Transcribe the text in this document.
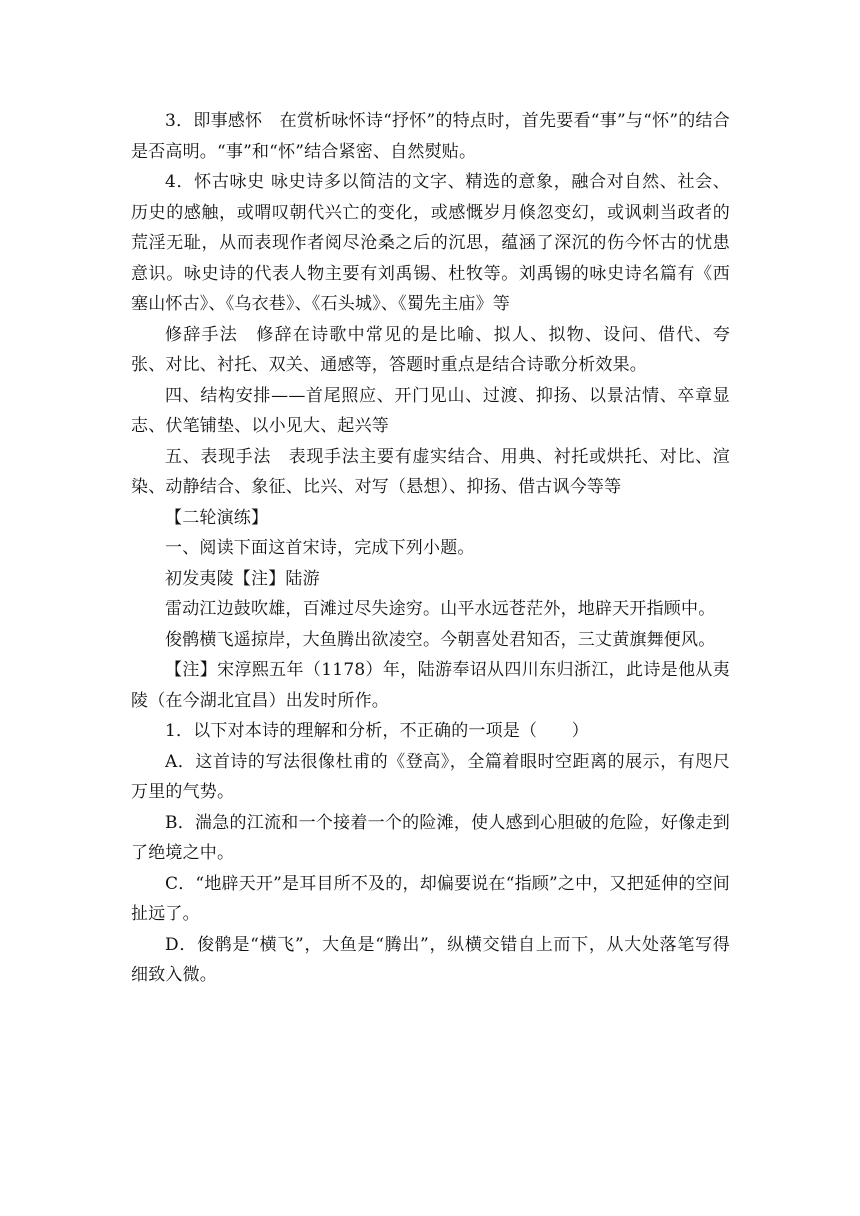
3．即事感怀　在赏析咏怀诗“抒怀”的特点时，首先要看“事”与“怀”的结合是否高明。“事”和“怀”结合紧密、自然熨贴。

4．怀古咏史 咏史诗多以简洁的文字、精选的意象，融合对自然、社会、历史的感触，或喟叹朝代兴亡的变化，或感慨岁月倏忽变幻，或讽刺当政者的荒淫无耻，从而表现作者阅尽沧桑之后的沉思，蕴涵了深沉的伤今怀古的忧患意识。咏史诗的代表人物主要有刘禹锡、杜牧等。刘禹锡的咏史诗名篇有《西塞山怀古》、《乌衣巷》、《石头城》、《蜀先主庙》等

修辞手法　修辞在诗歌中常见的是比喻、拟人、拟物、设问、借代、夸张、对比、衬托、双关、通感等，答题时重点是结合诗歌分析效果。

四、结构安排——首尾照应、开门见山、过渡、抑扬、以景沽情、卒章显志、伏笔铺垫、以小见大、起兴等

五、表现手法　表现手法主要有虚实结合、用典、衬托或烘托、对比、渲染、动静结合、象征、比兴、对写（悬想）、抑扬、借古讽今等等

【二轮演练】

一、阅读下面这首宋诗，完成下列小题。

初发夷陵【注】陆游

雷动江边鼓吹雄，百滩过尽失途穷。山平水远苍茫外，地辟天开指顾中。

俊鹘横飞遥掠岸，大鱼腾出欲凌空。今朝喜处君知否，三丈黄旗舞便风。

【注】宋淳熙五年（1178）年，陆游奉诏从四川东归浙江，此诗是他从夷陵（在今湖北宜昌）出发时所作。

1．以下对本诗的理解和分析，不正确的一项是（　　）

A．这首诗的写法很像杜甫的《登高》，全篇着眼时空距离的展示，有咫尺万里的气势。

B．湍急的江流和一个接着一个的险滩，使人感到心胆破的危险，好像走到了绝境之中。

C．“地辟天开”是耳目所不及的，却偏要说在“指顾”之中，又把延伸的空间扯远了。

D．俊鹘是“横飞”，大鱼是“腾出”，纵横交错自上而下，从大处落笔写得细致入微。
